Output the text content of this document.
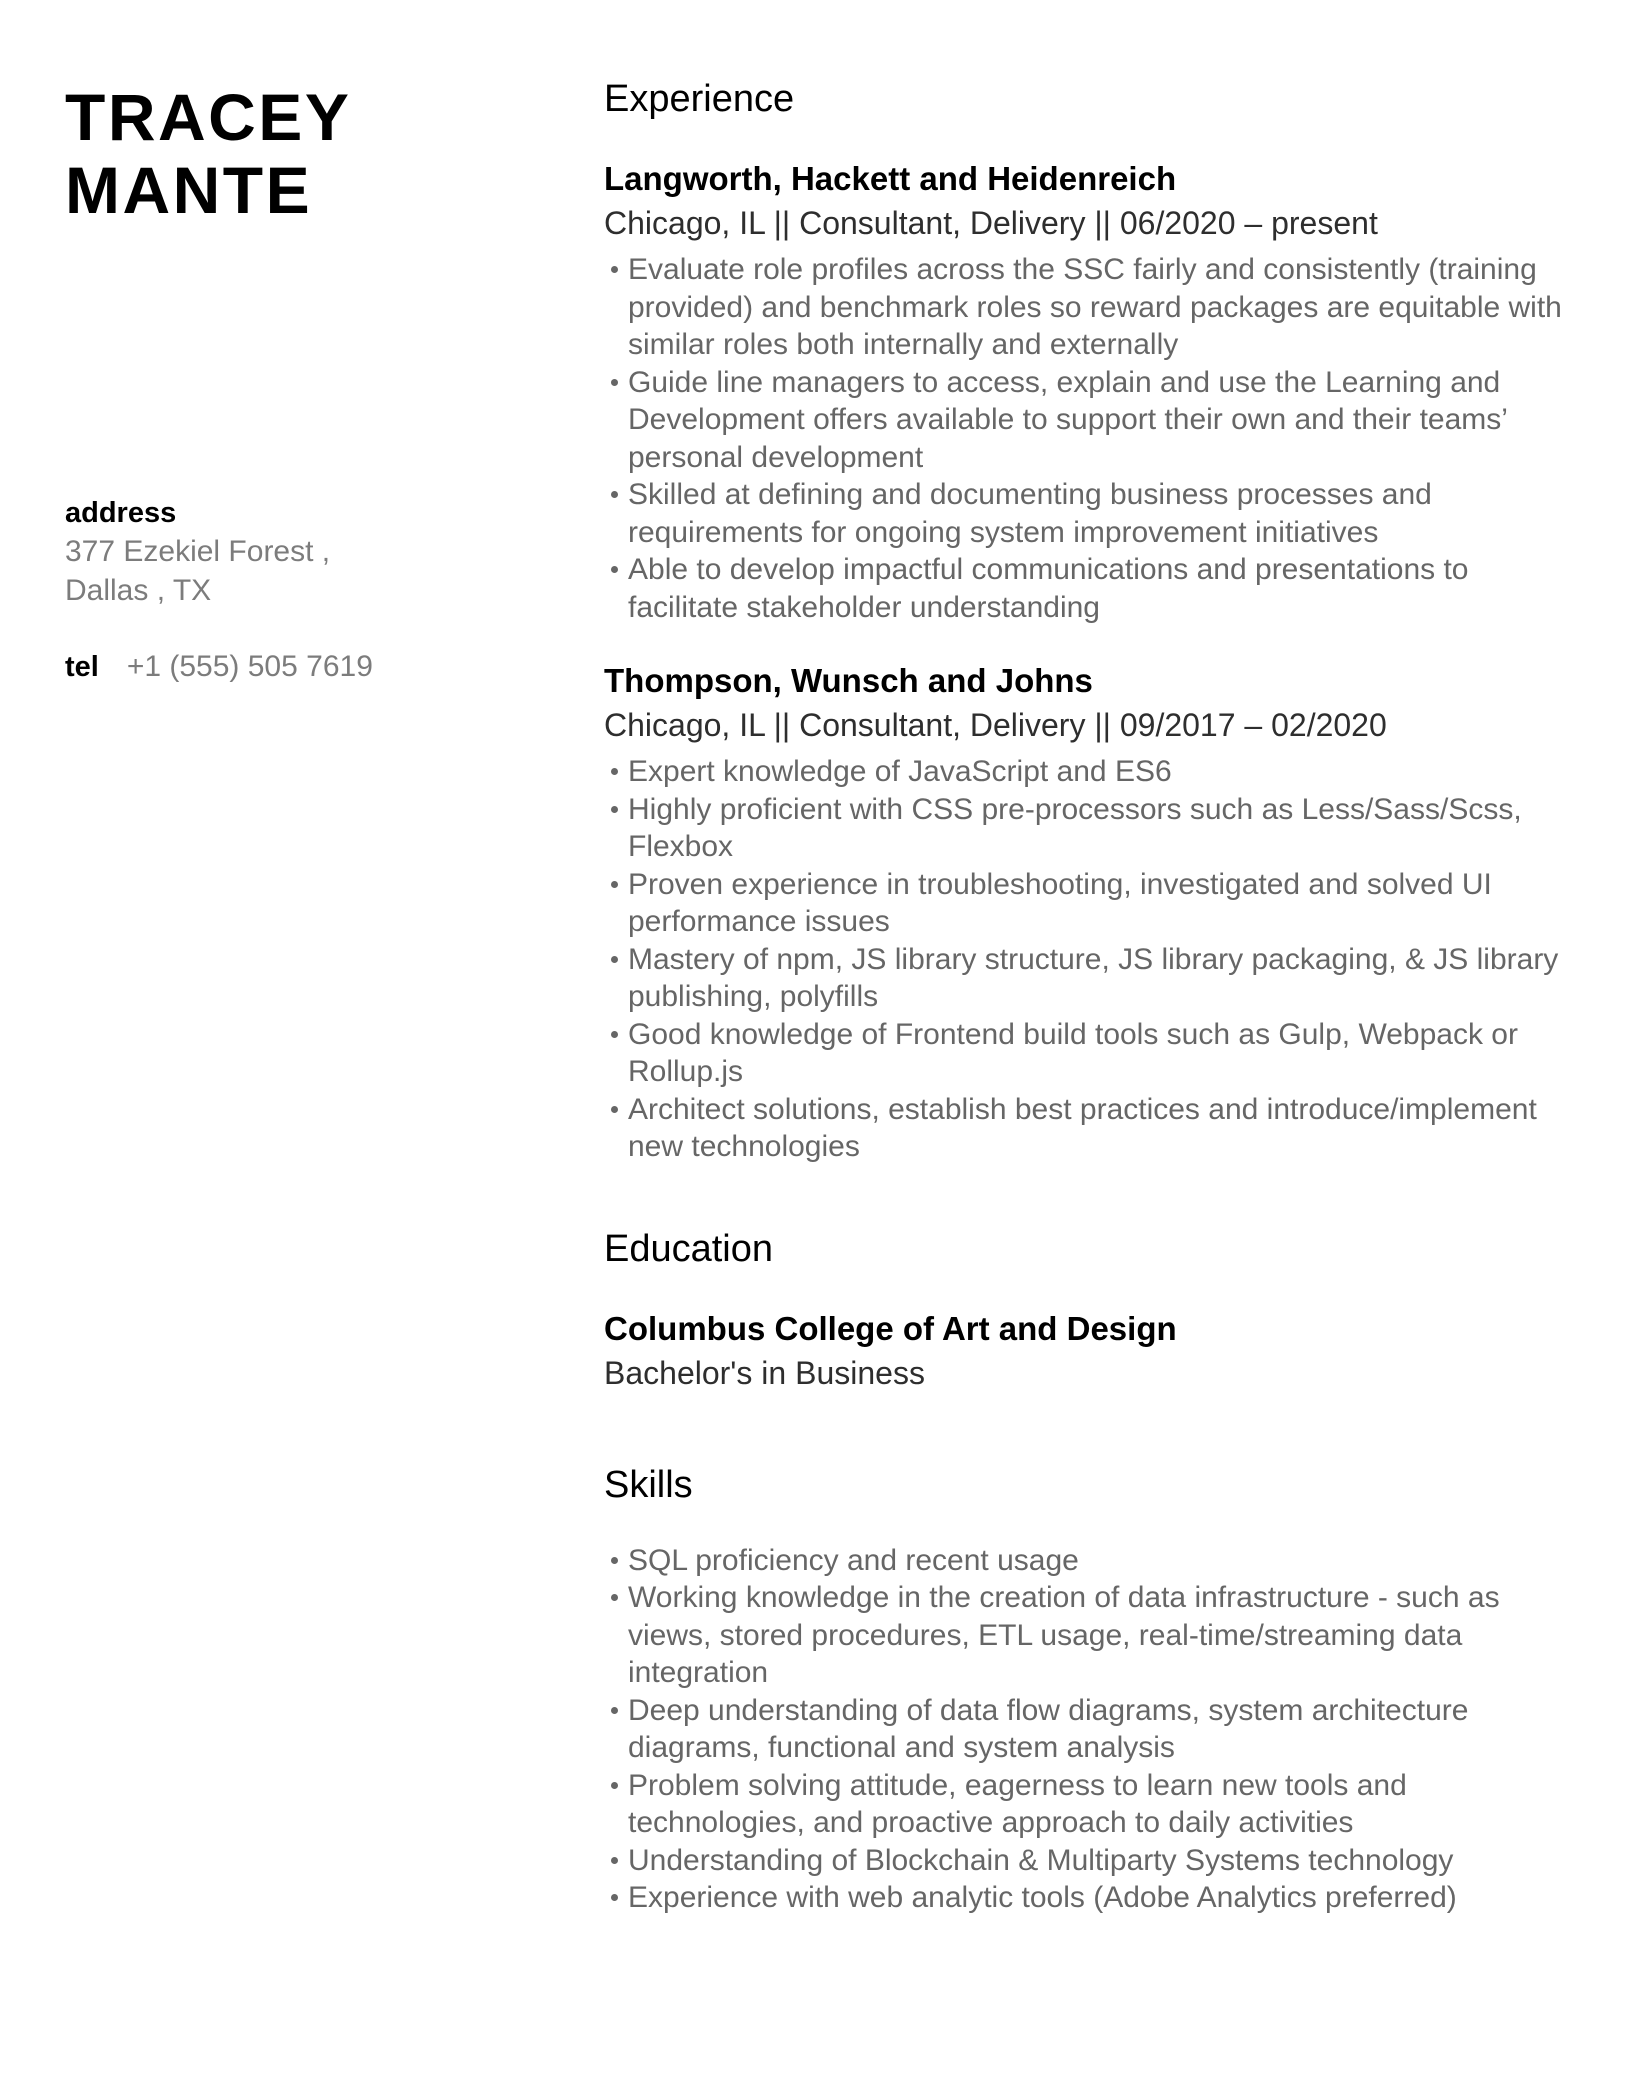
TRACEY
MANTE
address
377 Ezekiel Forest ,
Dallas , TX
tel +1 (555) 505 7619
Experience
Langworth, Hackett and Heidenreich
Chicago, IL || Consultant, Delivery || 06/2020 – present
Evaluate role profiles across the SSC fairly and consistently (training provided) and benchmark roles so reward packages are equitable with similar roles both internally and externally
Guide line managers to access, explain and use the Learning and Development offers available to support their own and their teams’ personal development
Skilled at defining and documenting business processes and requirements for ongoing system improvement initiatives
Able to develop impactful communications and presentations to facilitate stakeholder understanding
Thompson, Wunsch and Johns
Chicago, IL || Consultant, Delivery || 09/2017 – 02/2020
Expert knowledge of JavaScript and ES6
Highly proficient with CSS pre-processors such as Less/Sass/Scss, Flexbox
Proven experience in troubleshooting, investigated and solved UI performance issues
Mastery of npm, JS library structure, JS library packaging, & JS library publishing, polyfills
Good knowledge of Frontend build tools such as Gulp, Webpack or Rollup.js
Architect solutions, establish best practices and introduce/implement new technologies
Education
Columbus College of Art and Design
Bachelor's in Business
Skills
SQL proficiency and recent usage
Working knowledge in the creation of data infrastructure - such as views, stored procedures, ETL usage, real-time/streaming data integration
Deep understanding of data flow diagrams, system architecture diagrams, functional and system analysis
Problem solving attitude, eagerness to learn new tools and technologies, and proactive approach to daily activities
Understanding of Blockchain & Multiparty Systems technology
Experience with web analytic tools (Adobe Analytics preferred)
